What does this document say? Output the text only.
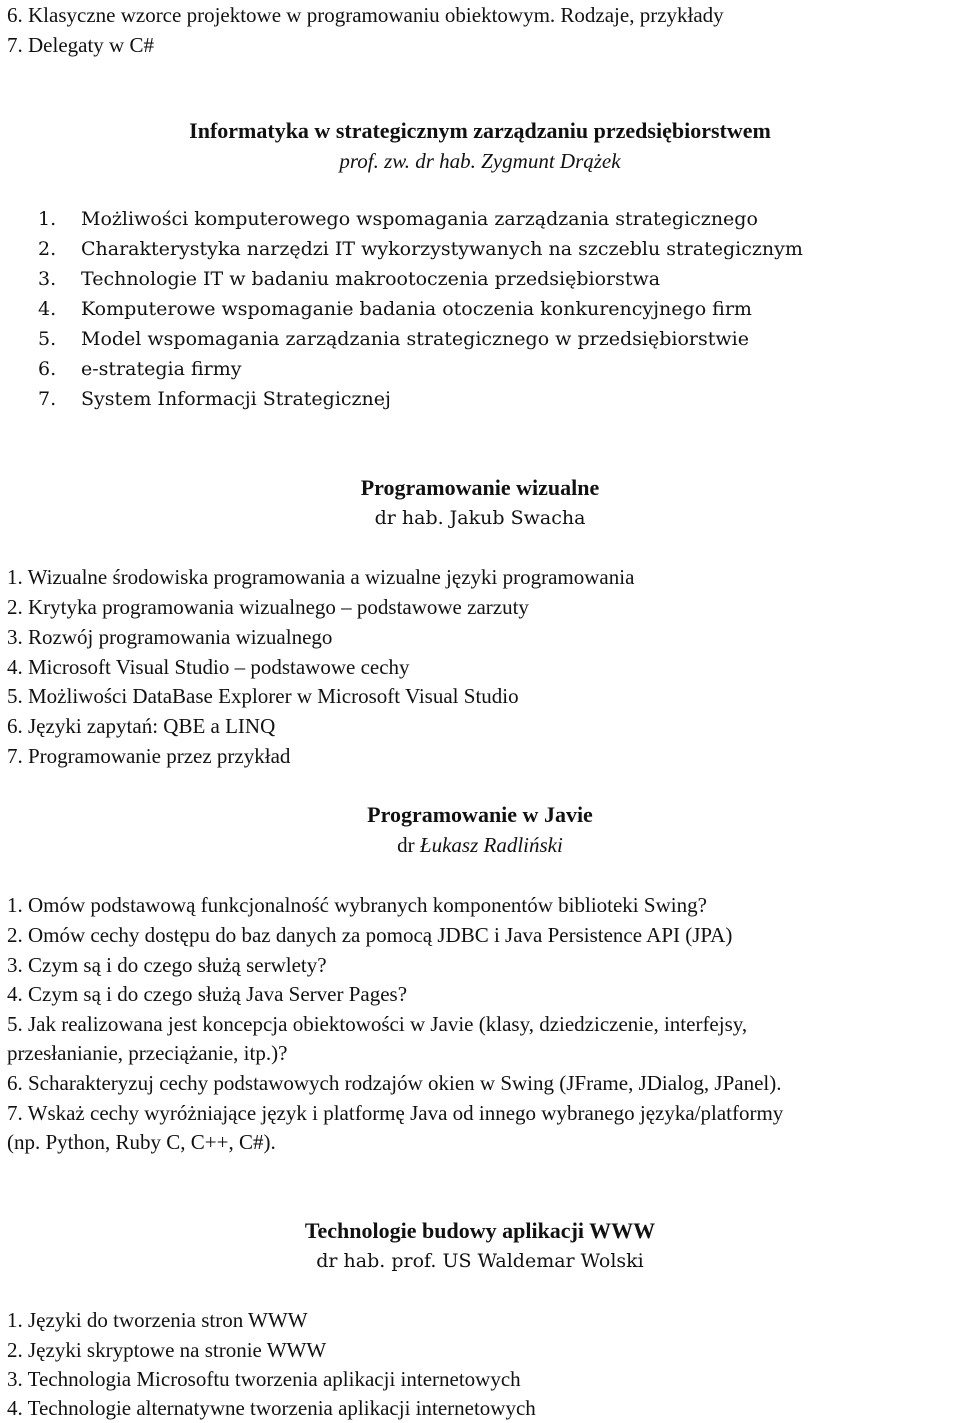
6. Klasyczne wzorce projektowe w programowaniu obiektowym. Rodzaje, przykłady
7. Delegaty w C#
Informatyka w strategicznym zarządzaniu przedsiębiorstwem
prof. zw. dr hab. Zygmunt Drążek
1. Możliwości komputerowego wspomagania zarządzania strategicznego
2. Charakterystyka narzędzi IT wykorzystywanych na szczeblu strategicznym
3. Technologie IT w badaniu makrootoczenia przedsiębiorstwa
4. Komputerowe wspomaganie badania otoczenia konkurencyjnego firm
5. Model wspomagania zarządzania strategicznego w przedsiębiorstwie
6. e-strategia firmy
7. System Informacji Strategicznej
Programowanie wizualne
dr hab. Jakub Swacha
1. Wizualne środowiska programowania a wizualne języki programowania
2. Krytyka programowania wizualnego – podstawowe zarzuty
3. Rozwój programowania wizualnego
4. Microsoft Visual Studio – podstawowe cechy
5. Możliwości DataBase Explorer w Microsoft Visual Studio
6. Języki zapytań: QBE a LINQ
7. Programowanie przez przykład
Programowanie w Javie
dr Łukasz Radliński
1. Omów podstawową funkcjonalność wybranych komponentów biblioteki Swing?
2. Omów cechy dostępu do baz danych za pomocą JDBC i Java Persistence API (JPA)
3. Czym są i do czego służą serwlety?
4. Czym są i do czego służą Java Server Pages?
5. Jak realizowana jest koncepcja obiektowości w Javie (klasy, dziedziczenie, interfejsy,
przesłanianie, przeciążanie, itp.)?
6. Scharakteryzuj cechy podstawowych rodzajów okien w Swing (JFrame, JDialog, JPanel).
7. Wskaż cechy wyróżniające język i platformę Java od innego wybranego języka/platformy
(np. Python, Ruby C, C++, C#).
Technologie budowy aplikacji WWW
dr hab. prof. US Waldemar Wolski
1. Języki do tworzenia stron WWW
2. Języki skryptowe na stronie WWW
3. Technologia Microsoftu tworzenia aplikacji internetowych
4. Technologie alternatywne tworzenia aplikacji internetowych
